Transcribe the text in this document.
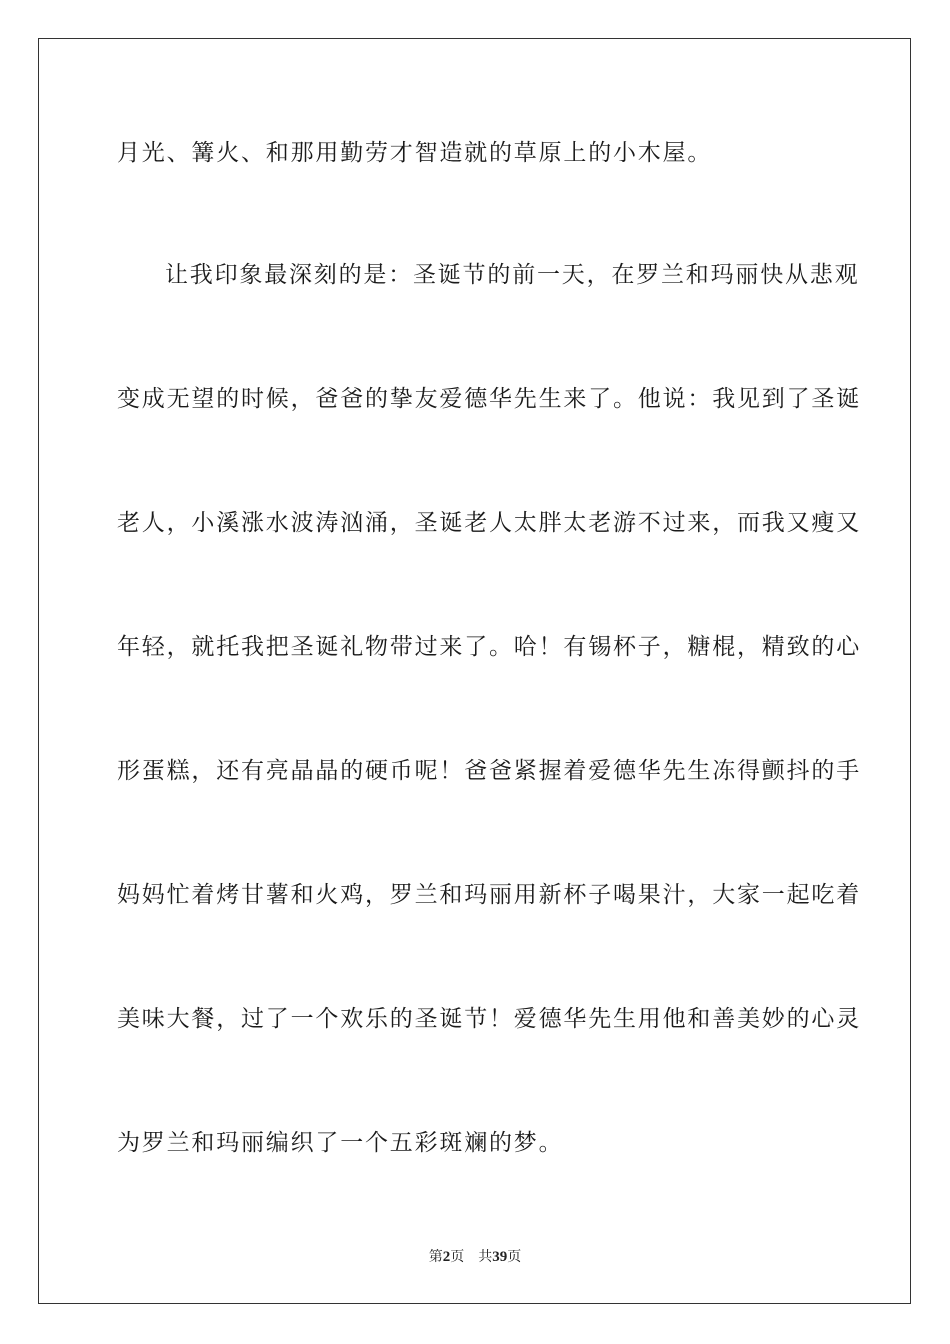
月光、篝火、和那用勤劳才智造就的草原上的小木屋。
让我印象最深刻的是：圣诞节的前一天，在罗兰和玛丽快从悲观
变成无望的时候，爸爸的挚友爱德华先生来了。他说：我见到了圣诞
老人，小溪涨水波涛汹涌，圣诞老人太胖太老游不过来，而我又瘦又
年轻，就托我把圣诞礼物带过来了。哈！有锡杯子，糖棍，精致的心
形蛋糕，还有亮晶晶的硬币呢！爸爸紧握着爱德华先生冻得颤抖的手
妈妈忙着烤甘薯和火鸡，罗兰和玛丽用新杯子喝果汁，大家一起吃着
美味大餐，过了一个欢乐的圣诞节！爱德华先生用他和善美妙的心灵
为罗兰和玛丽编织了一个五彩斑斓的梦。
第2页 共39页
